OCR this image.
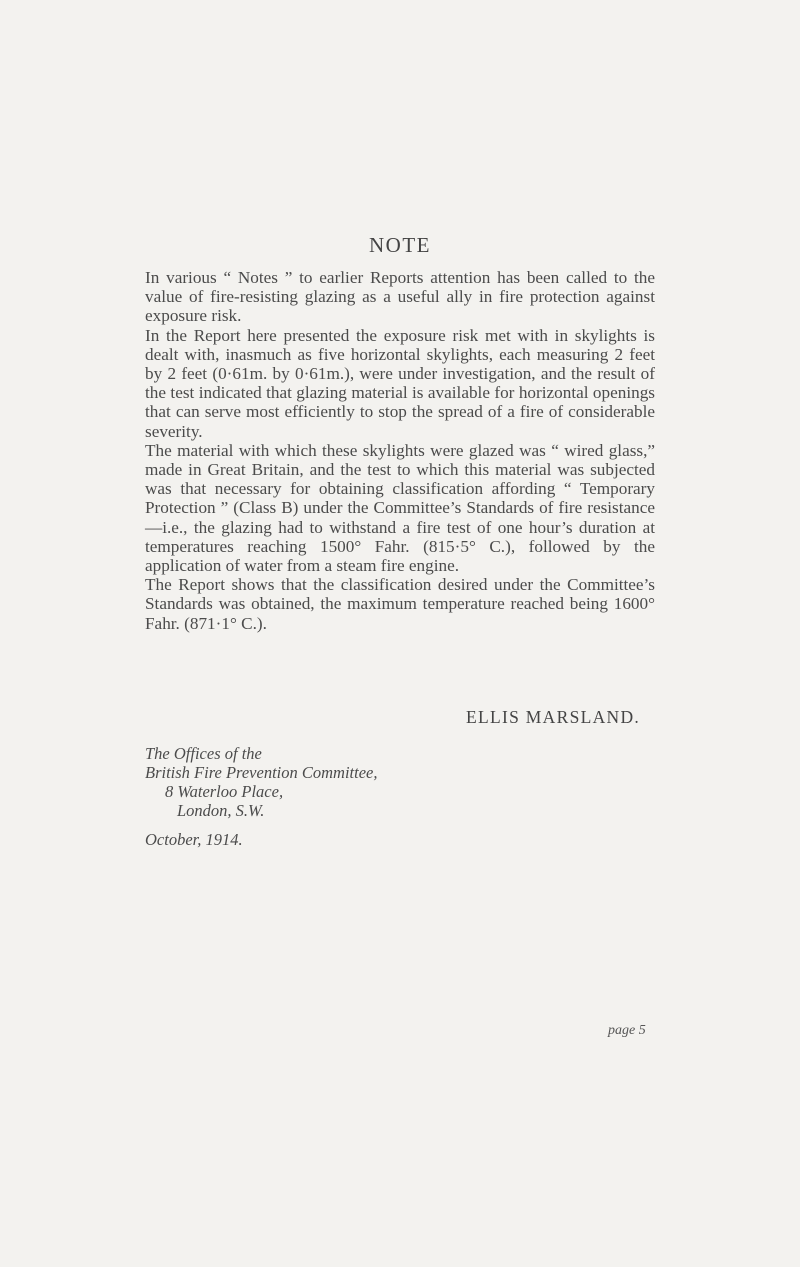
NOTE

In various “ Notes ” to earlier Reports attention has been called to the value of fire-resisting glazing as a useful ally in fire protection against exposure risk.

In the Report here presented the exposure risk met with in skylights is dealt with, inasmuch as five horizontal skylights, each measuring 2 feet by 2 feet (0·61m. by 0·61m.), were under investigation, and the result of the test indicated that glazing material is available for horizontal openings that can serve most efficiently to stop the spread of a fire of considerable severity.

The material with which these skylights were glazed was “ wired glass,” made in Great Britain, and the test to which this material was subjected was that necessary for obtaining classification affording “ Temporary Protection ” (Class B) under the Committee’s Standards of fire resistance—i.e., the glazing had to withstand a fire test of one hour’s duration at temperatures reaching 1500° Fahr. (815·5° C.), followed by the application of water from a steam fire engine.

The Report shows that the classification desired under the Committee’s Standards was obtained, the maximum temperature reached being 1600° Fahr. (871·1° C.).

ELLIS MARSLAND.
The Offices of the
British Fire Prevention Committee,
8 Waterloo Place,
London, S.W.
October, 1914.
page 5
